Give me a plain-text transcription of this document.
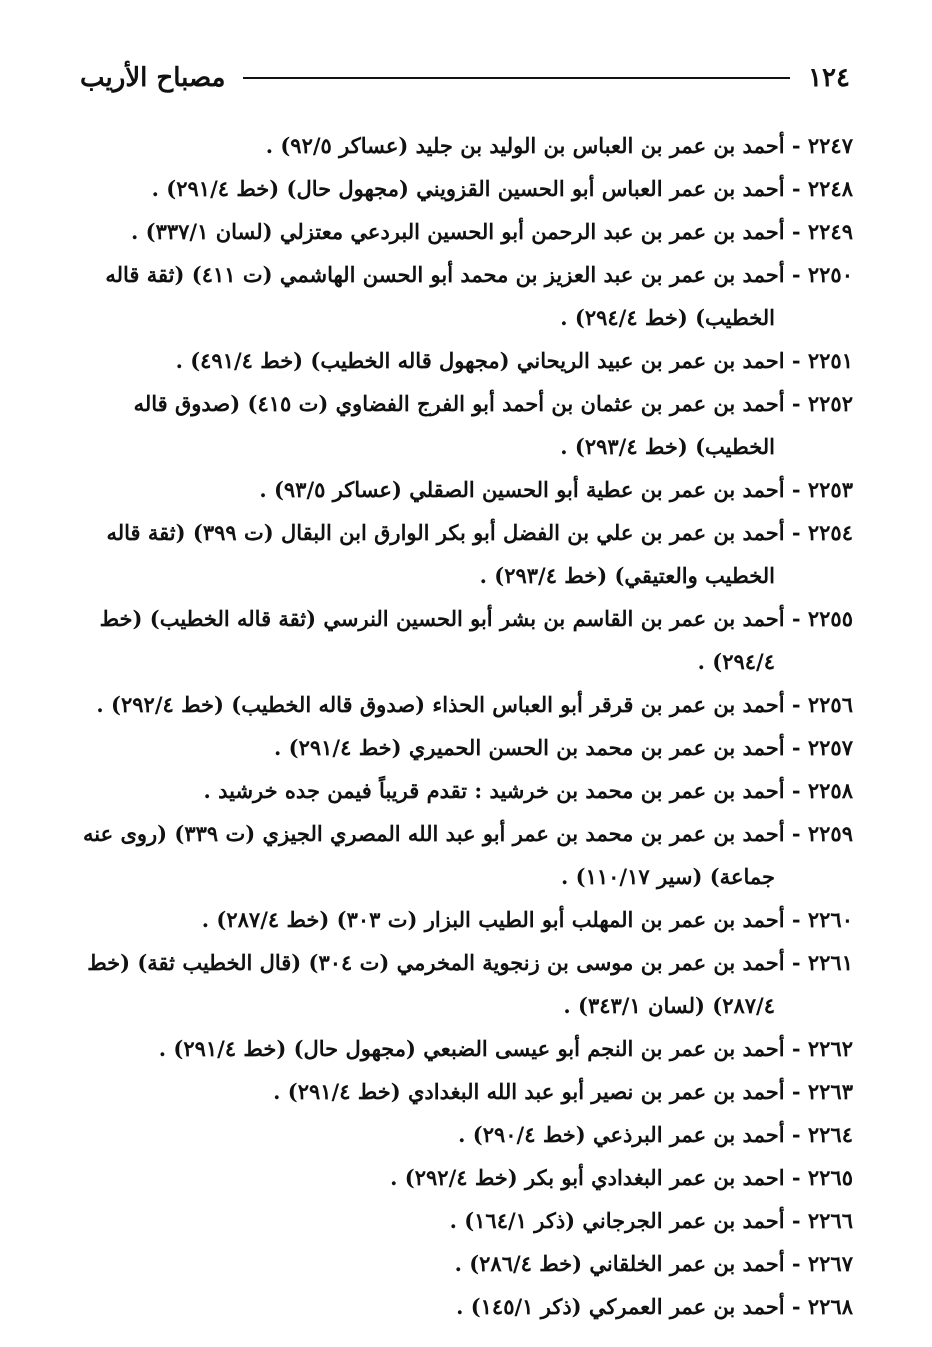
١٢٤
مصباح الأريب

٢٢٤٧ - أحمد بن عمر بن العباس بن الوليد بن جليد (عساكر ٩٢/٥) .

٢٢٤٨ - أحمد بن عمر العباس أبو الحسين القزويني (مجهول حال) (خط ٢٩١/٤) .

٢٢٤٩ - أحمد بن عمر بن عبد الرحمن أبو الحسين البردعي معتزلي (لسان ٣٣٧/١) .

٢٢٥٠ - أحمد بن عمر بن عبد العزيز بن محمد أبو الحسن الهاشمي (ت ٤١١) (ثقة قاله الخطيب) (خط ٢٩٤/٤) .

٢٢٥١ - احمد بن عمر بن عبيد الريحاني (مجهول قاله الخطيب) (خط ٤٩١/٤) .

٢٢٥٢ - أحمد بن عمر بن عثمان بن أحمد أبو الفرج الفضاوي (ت ٤١٥) (صدوق قاله الخطيب) (خط ٢٩٣/٤) .

٢٢٥٣ - أحمد بن عمر بن عطية أبو الحسين الصقلي (عساكر ٩٣/٥) .

٢٢٥٤ - أحمد بن عمر بن علي بن الفضل أبو بكر الوارق ابن البقال (ت ٣٩٩) (ثقة قاله الخطيب والعتيقي) (خط ٢٩٣/٤) .

٢٢٥٥ - أحمد بن عمر بن القاسم بن بشر أبو الحسين النرسي (ثقة قاله الخطيب) (خط ٢٩٤/٤) .

٢٢٥٦ - أحمد بن عمر بن قرقر أبو العباس الحذاء (صدوق قاله الخطيب) (خط ٢٩٢/٤) .

٢٢٥٧ - أحمد بن عمر بن محمد بن الحسن الحميري (خط ٢٩١/٤) .

٢٢٥٨ - أحمد بن عمر بن محمد بن خرشيد : تقدم قريباً فيمن جده خرشيد .

٢٢٥٩ - أحمد بن عمر بن محمد بن عمر أبو عبد الله المصري الجيزي (ت ٣٣٩) (روى عنه جماعة) (سير ١١٠/١٧) .

٢٢٦٠ - أحمد بن عمر بن المهلب أبو الطيب البزار (ت ٣٠٣) (خط ٢٨٧/٤) .

٢٢٦١ - أحمد بن عمر بن موسى بن زنجوية المخرمي (ت ٣٠٤) (قال الخطيب ثقة) (خط ٢٨٧/٤) (لسان ٣٤٣/١) .

٢٢٦٢ - أحمد بن عمر بن النجم أبو عيسى الضبعي (مجهول حال) (خط ٢٩١/٤) .

٢٢٦٣ - أحمد بن عمر بن نصير أبو عبد الله البغدادي (خط ٢٩١/٤) .

٢٢٦٤ - أحمد بن عمر البرذعي (خط ٢٩٠/٤) .

٢٢٦٥ - احمد بن عمر البغدادي أبو بكر (خط ٢٩٢/٤) .

٢٢٦٦ - أحمد بن عمر الجرجاني (ذكر ١٦٤/١) .

٢٢٦٧ - أحمد بن عمر الخلقاني (خط ٢٨٦/٤) .

٢٢٦٨ - أحمد بن عمر العمركي (ذكر ١٤٥/١) .
